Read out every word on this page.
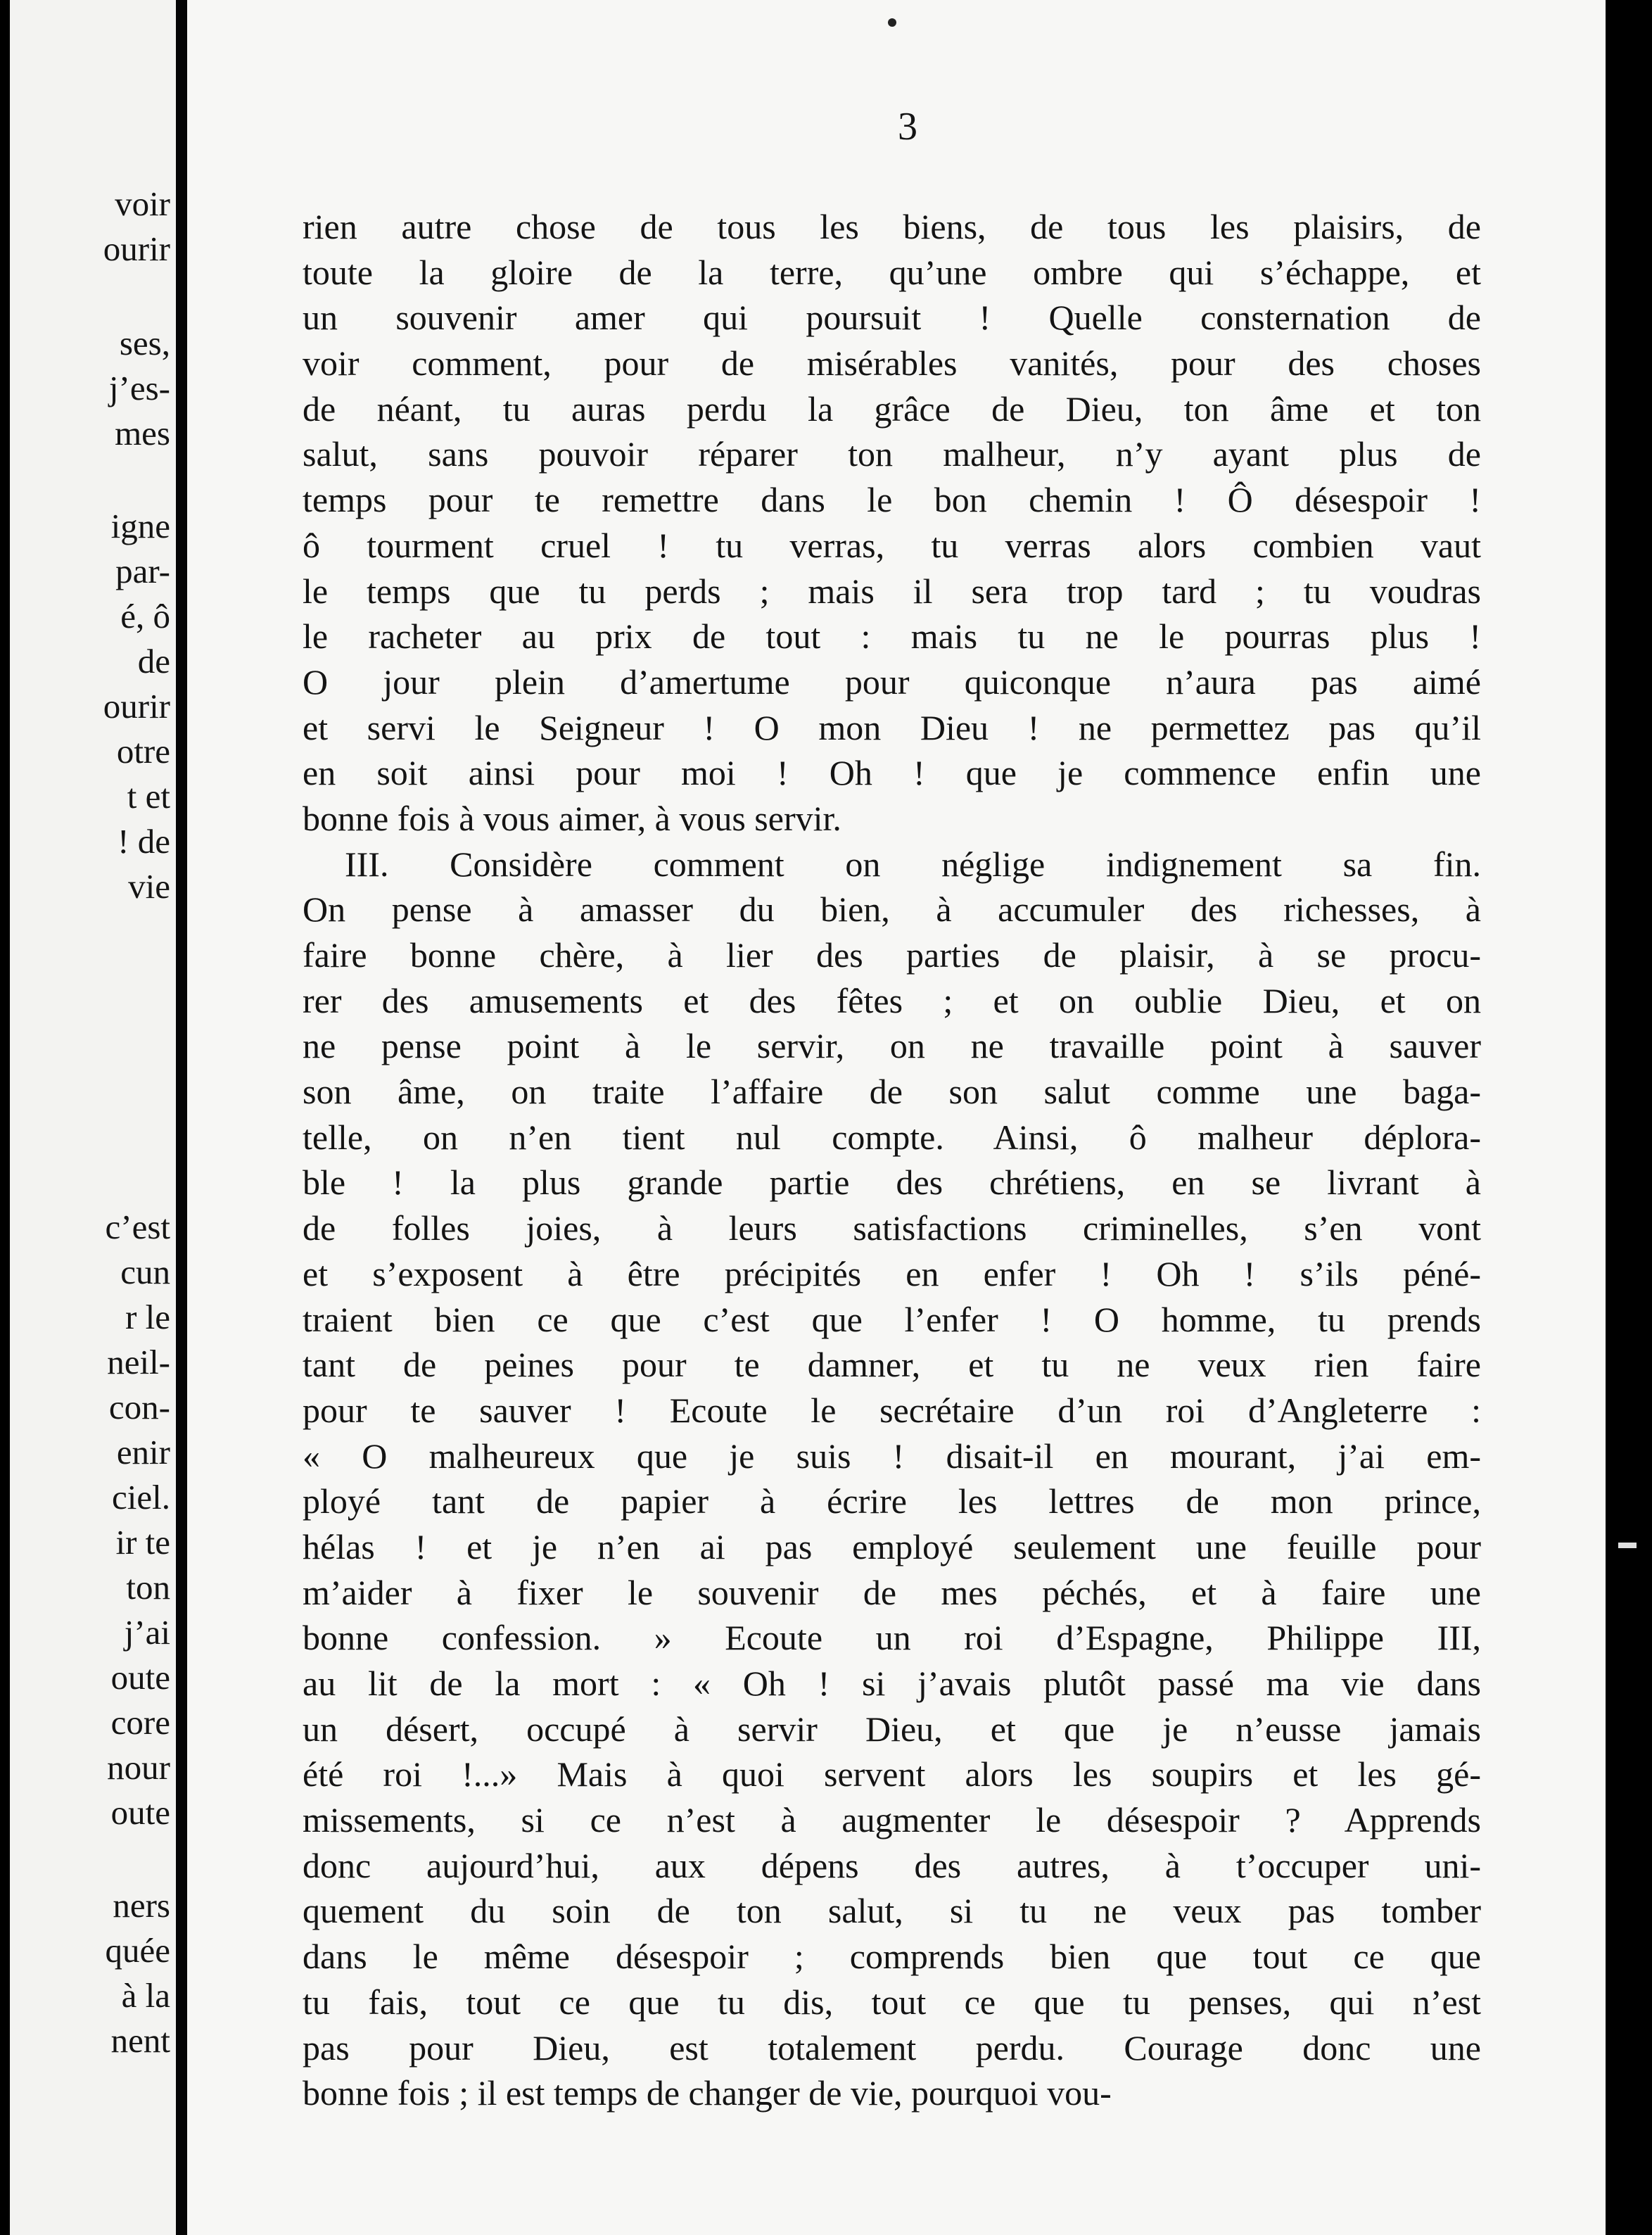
voir
ourir
ses,
j’es-
mes
igne
par-
é, ô
de
ourir
otre
t et
! de
vie
c’est
cun
r le
neil-
con-
enir
ciel.
ir te
ton
j’ai
oute
core
nour
oute
ners
quée
à la
nent
3
rien autre chose de tous les biens, de tous les plaisirs, de
toute la gloire de la terre, qu’une ombre qui s’échappe, et
un souvenir amer qui poursuit ! Quelle consternation de
voir comment, pour de misérables vanités, pour des choses
de néant, tu auras perdu la grâce de Dieu, ton âme et ton
salut, sans pouvoir réparer ton malheur, n’y ayant plus de
temps pour te remettre dans le bon chemin ! Ô désespoir !
ô tourment cruel ! tu verras, tu verras alors combien vaut
le temps que tu perds ; mais il sera trop tard ; tu voudras
le racheter au prix de tout : mais tu ne le pourras plus !
O jour plein d’amertume pour quiconque n’aura pas aimé
et servi le Seigneur ! O mon Dieu ! ne permettez pas qu’il
en soit ainsi pour moi ! Oh ! que je commence enfin une
bonne fois à vous aimer, à vous servir.
III. Considère comment on néglige indignement sa fin.
On pense à amasser du bien, à accumuler des richesses, à
faire bonne chère, à lier des parties de plaisir, à se procu-
rer des amusements et des fêtes ; et on oublie Dieu, et on
ne pense point à le servir, on ne travaille point à sauver
son âme, on traite l’affaire de son salut comme une baga-
telle, on n’en tient nul compte. Ainsi, ô malheur déplora-
ble ! la plus grande partie des chrétiens, en se livrant à
de folles joies, à leurs satisfactions criminelles, s’en vont
et s’exposent à être précipités en enfer ! Oh ! s’ils péné-
traient bien ce que c’est que l’enfer ! O homme, tu prends
tant de peines pour te damner, et tu ne veux rien faire
pour te sauver ! Ecoute le secrétaire d’un roi d’Angleterre :
« O malheureux que je suis ! disait-il en mourant, j’ai em-
ployé tant de papier à écrire les lettres de mon prince,
hélas ! et je n’en ai pas employé seulement une feuille pour
m’aider à fixer le souvenir de mes péchés, et à faire une
bonne confession. » Ecoute un roi d’Espagne, Philippe III,
au lit de la mort : « Oh ! si j’avais plutôt passé ma vie dans
un désert, occupé à servir Dieu, et que je n’eusse jamais
été roi !...» Mais à quoi servent alors les soupirs et les gé-
missements, si ce n’est à augmenter le désespoir ? Apprends
donc aujourd’hui, aux dépens des autres, à t’occuper uni-
quement du soin de ton salut, si tu ne veux pas tomber
dans le même désespoir ; comprends bien que tout ce que
tu fais, tout ce que tu dis, tout ce que tu penses, qui n’est
pas pour Dieu, est totalement perdu. Courage donc une
bonne fois ; il est temps de changer de vie, pourquoi vou-
